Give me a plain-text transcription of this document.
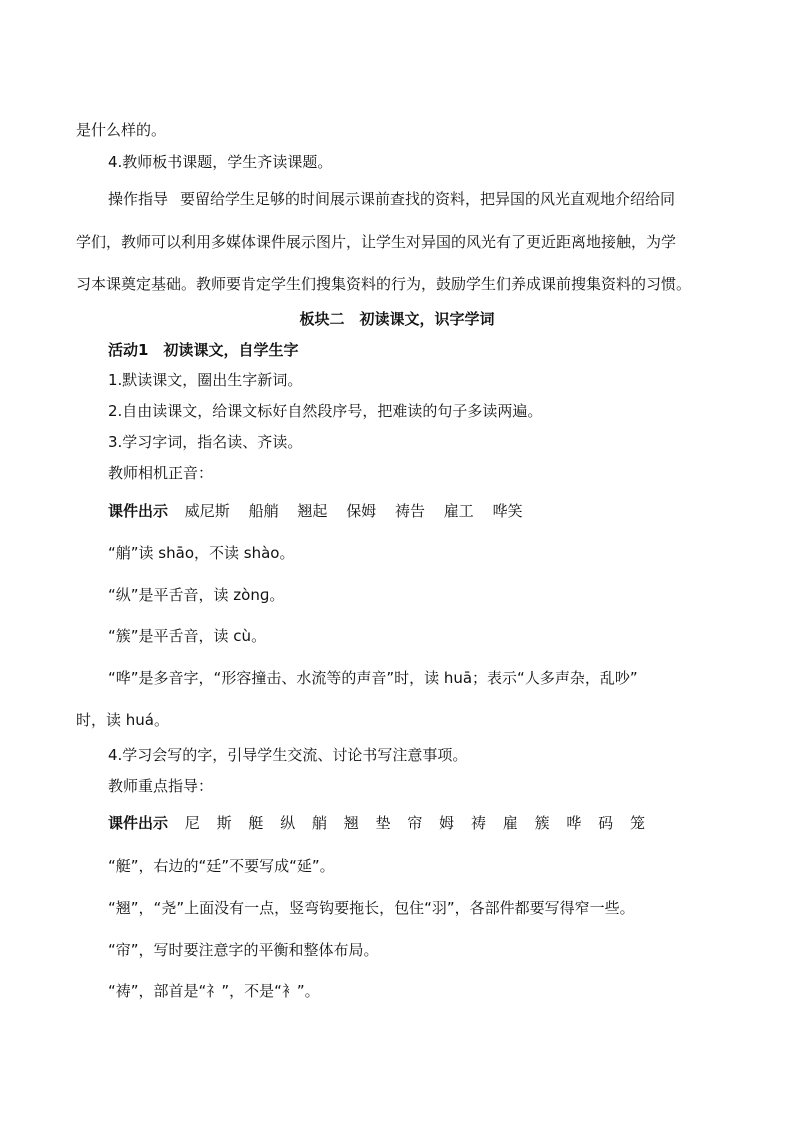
是什么样的。
4.教师板书课题，学生齐读课题。
操作指导 要留给学生足够的时间展示课前查找的资料，把异国的风光直观地介绍给同
学们，教师可以利用多媒体课件展示图片，让学生对异国的风光有了更近距离地接触，为学
习本课奠定基础。教师要肯定学生们搜集资料的行为，鼓励学生们养成课前搜集资料的习惯。
板块二　初读课文，识字学词
活动1　初读课文，自学生字
1.默读课文，圈出生字新词。
2.自由读课文，给课文标好自然段序号，把难读的句子多读两遍。
3.学习字词，指名读、齐读。
教师相机正音：
课件出示 威尼斯 船艄 翘起 保姆 祷告 雇工 哗笑
“艄”读 shāo，不读 shào。
“纵”是平舌音，读 zònɡ。
“簇”是平舌音，读 cù。
“哗”是多音字，“形容撞击、水流等的声音”时，读 huā；表示“人多声杂，乱吵”
时，读 huá。
4.学习会写的字，引导学生交流、讨论书写注意事项。
教师重点指导：
课件出示 尼 斯 艇 纵 艄 翘 垫 帘 姆 祷 雇 簇 哗 码 笼
“艇”，右边的“廷”不要写成“延”。
“翘”，“尧”上面没有一点，竖弯钩要拖长，包住“羽”，各部件都要写得窄一些。
“帘”，写时要注意字的平衡和整体布局。
“祷”，部首是“礻”，不是“衤”。
